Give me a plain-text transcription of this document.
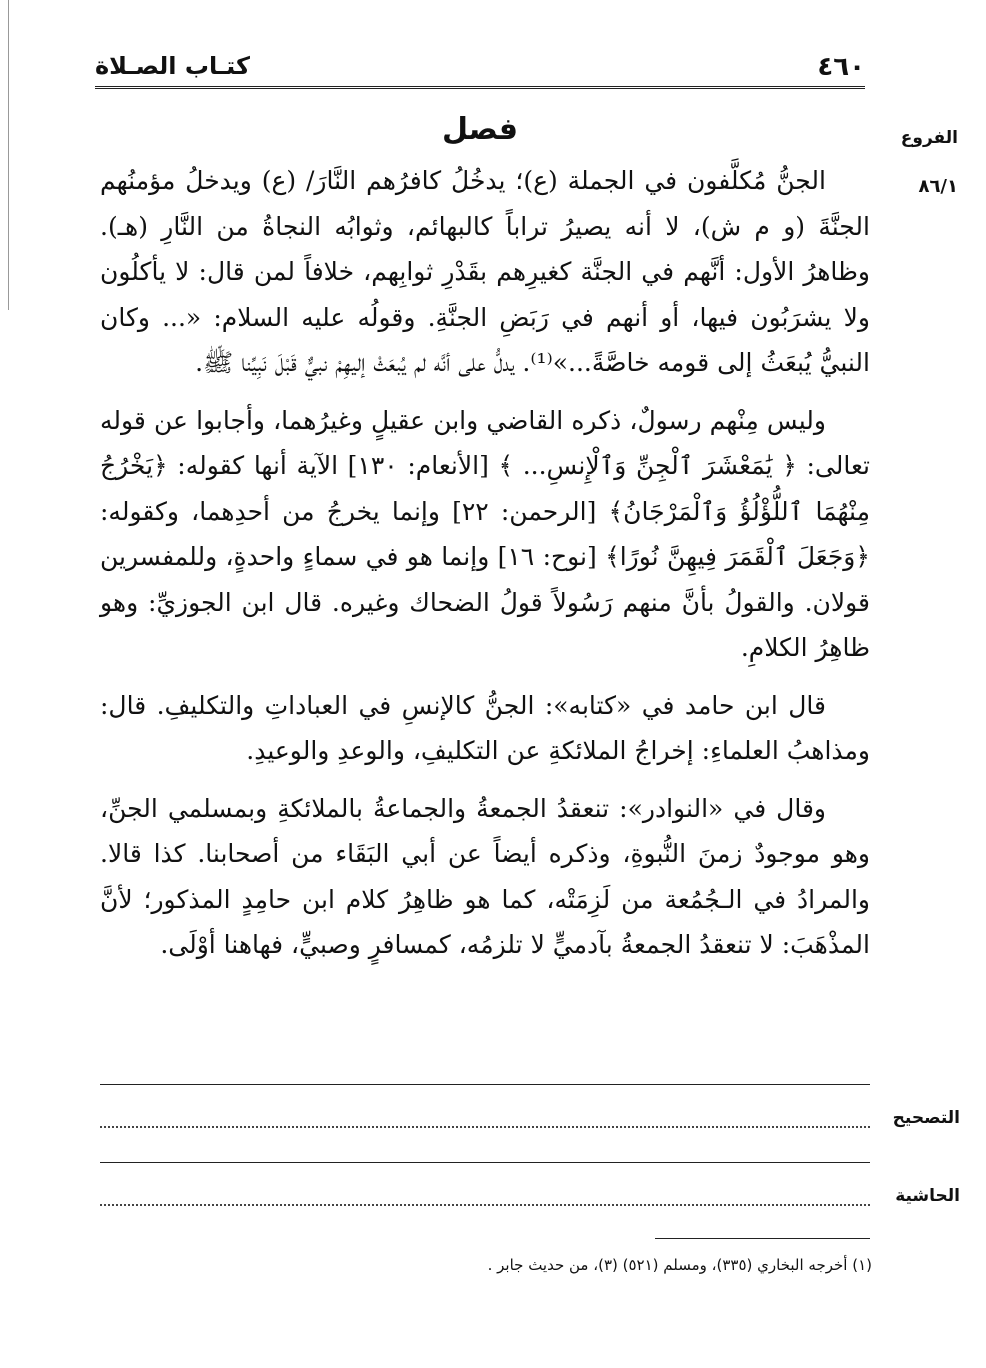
٤٦٠
كتـاب الصـلاة
الفروع
٨٦/١
فصل

الجنُّ مُكلَّفون في الجملة (ع)؛ يدخُلُ كافرُهم النَّارَ/ (ع) ويدخلُ مؤمنُهم الجنَّةَ (و م ش)، لا أنه يصيرُ تراباً كالبهائم، وثوابُه النجاةُ من النَّارِ (هـ). وظاهرُ الأول: أنَّهم في الجنَّة كغيرِهم بقَدْرِ ثوابِهم، خلافاً لمن قال: لا يأكلُون ولا يشرَبُون فيها، أو أنهم في رَبَضِ الجنَّةِ. وقولُه عليه السلام: «... وكان النبيُّ يُبعَثُ إلى قومه خاصَّةً...»⁽¹⁾. يدلُّ على أنَّه لم يُبعَثْ إليهِمْ نبيٌّ قَبْلَ نَبِيِّنا ﷺ.

وليس مِنْهم رسولٌ، ذكره القاضي وابن عقيلٍ وغيرُهما، وأجابوا عن قوله تعالى: ﴿ يَٰمَعْشَرَ ٱلْجِنِّ وَٱلْإِنسِ... ﴾ [الأنعام: ١٣٠] الآية أنها كقوله: ﴿يَخْرُجُ مِنْهُمَا ٱللُّؤْلُؤُ وَٱلْمَرْجَانُ﴾ [الرحمن: ٢٢] وإنما يخرجُ من أحدِهما، وكقوله: ﴿وَجَعَلَ ٱلْقَمَرَ فِيهِنَّ نُورًا﴾ [نوح: ١٦] وإنما هو في سماءٍ واحدةٍ، وللمفسرين قولان. والقولُ بأنَّ منهم رَسُولاً قولُ الضحاك وغيره. قال ابن الجوزيِّ: وهو ظاهِرُ الكلامِ.

قال ابن حامد في «كتابه»: الجنُّ كالإنسِ في العباداتِ والتكليفِ. قال: ومذاهبُ العلماءِ: إخراجُ الملائكةِ عن التكليفِ، والوعدِ والوعيدِ.

وقال في «النوادر»: تنعقدُ الجمعةُ والجماعةُ بالملائكةِ وبمسلمي الجنِّ، وهو موجودٌ زمنَ النُّبوةِ، وذكره أيضاً عن أبي البَقَاء من أصحابنا. كذا قالا. والمرادُ في الـجُمُعة من لَزِمَتْه، كما هو ظاهِرُ كلام ابن حامِدٍ المذكور؛ لأنَّ المذْهَبَ: لا تنعقدُ الجمعةُ بآدميٍّ لا تلزمُه، كمسافرٍ وصبيٍّ، فهاهنا أوْلَى.

التصحيح
الحاشية
(١) أخرجه البخاري (٣٣٥)، ومسلم (٥٢١) (٣)، من حديث جابر .
